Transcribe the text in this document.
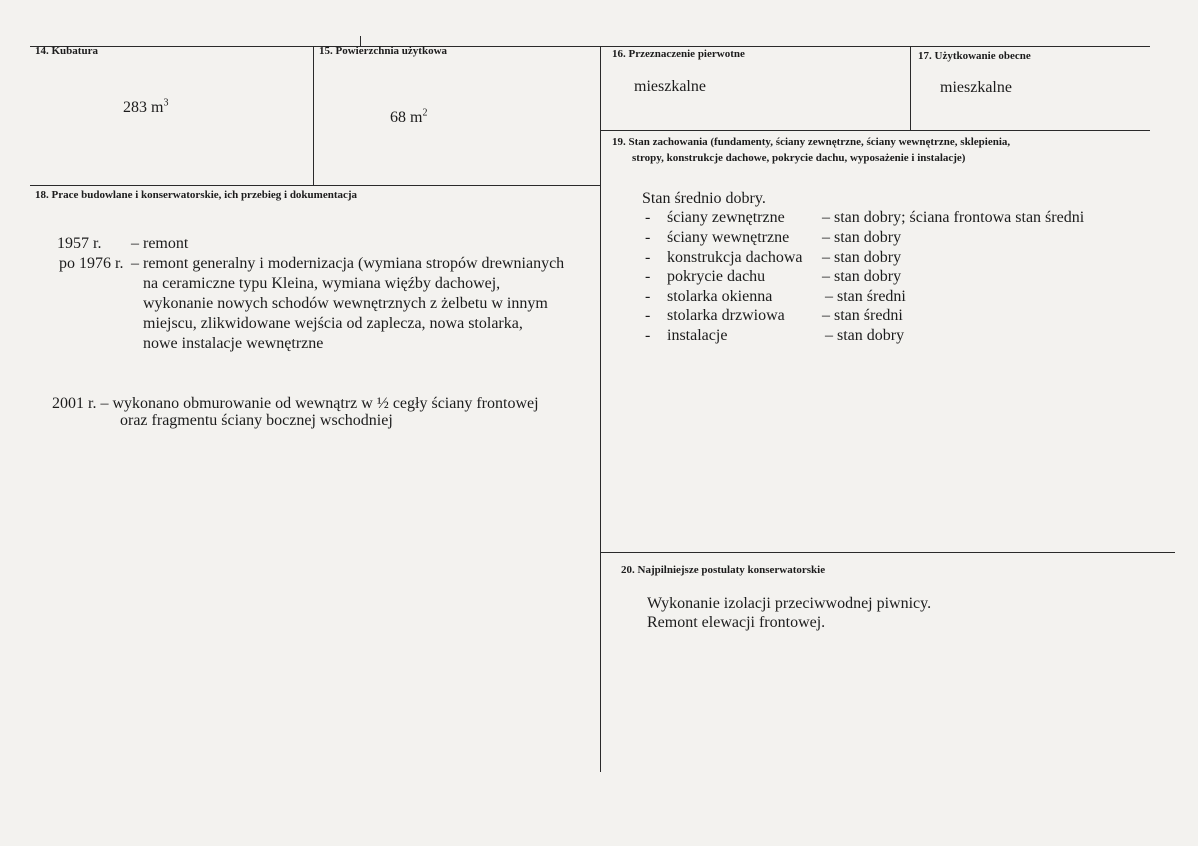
14. Kubatura
283 $m^3$
15. Powierzchnia użytkowa
68 $m^2$
16. Przeznaczenie pierwotne
mieszkalne
17. Użytkowanie obecne
mieszkalne
18. Prace budowlane i konserwatorskie, ich przebieg i dokumentacja
1957 r. – remont
po 1976 r. – remont generalny i modernizacja (wymiana stropów drewnianych
na ceramiczne typu Kleina, wymiana więźby dachowej,
wykonanie nowych schodów wewnętrznych z żelbetu w innym
miejscu, zlikwidowane wejścia od zaplecza, nowa stolarka,
nowe instalacje wewnętrzne
2001 r. – wykonano obmurowanie od wewnątrz w ½ cegły ściany frontowej
oraz fragmentu ściany bocznej wschodniej
19. Stan zachowania (fundamenty, ściany zewnętrzne, ściany wewnętrzne, sklepienia,
stropy, konstrukcje dachowe, pokrycie dachu, wyposażenie i instalacje)
Stan średnio dobry.
- ściany zewnętrzne – stan dobry; ściana frontowa stan średni
- ściany wewnętrzne – stan dobry
- konstrukcja dachowa – stan dobry
- pokrycie dachu	– stan dobry
- stolarka okienna	– stan średni
- stolarka drzwiowa – stan średni
- instalacje	– stan dobry
20. Najpilniejsze postulaty konserwatorskie
Wykonanie izolacji przeciwwodnej piwnicy.
Remont elewacji frontowej.
